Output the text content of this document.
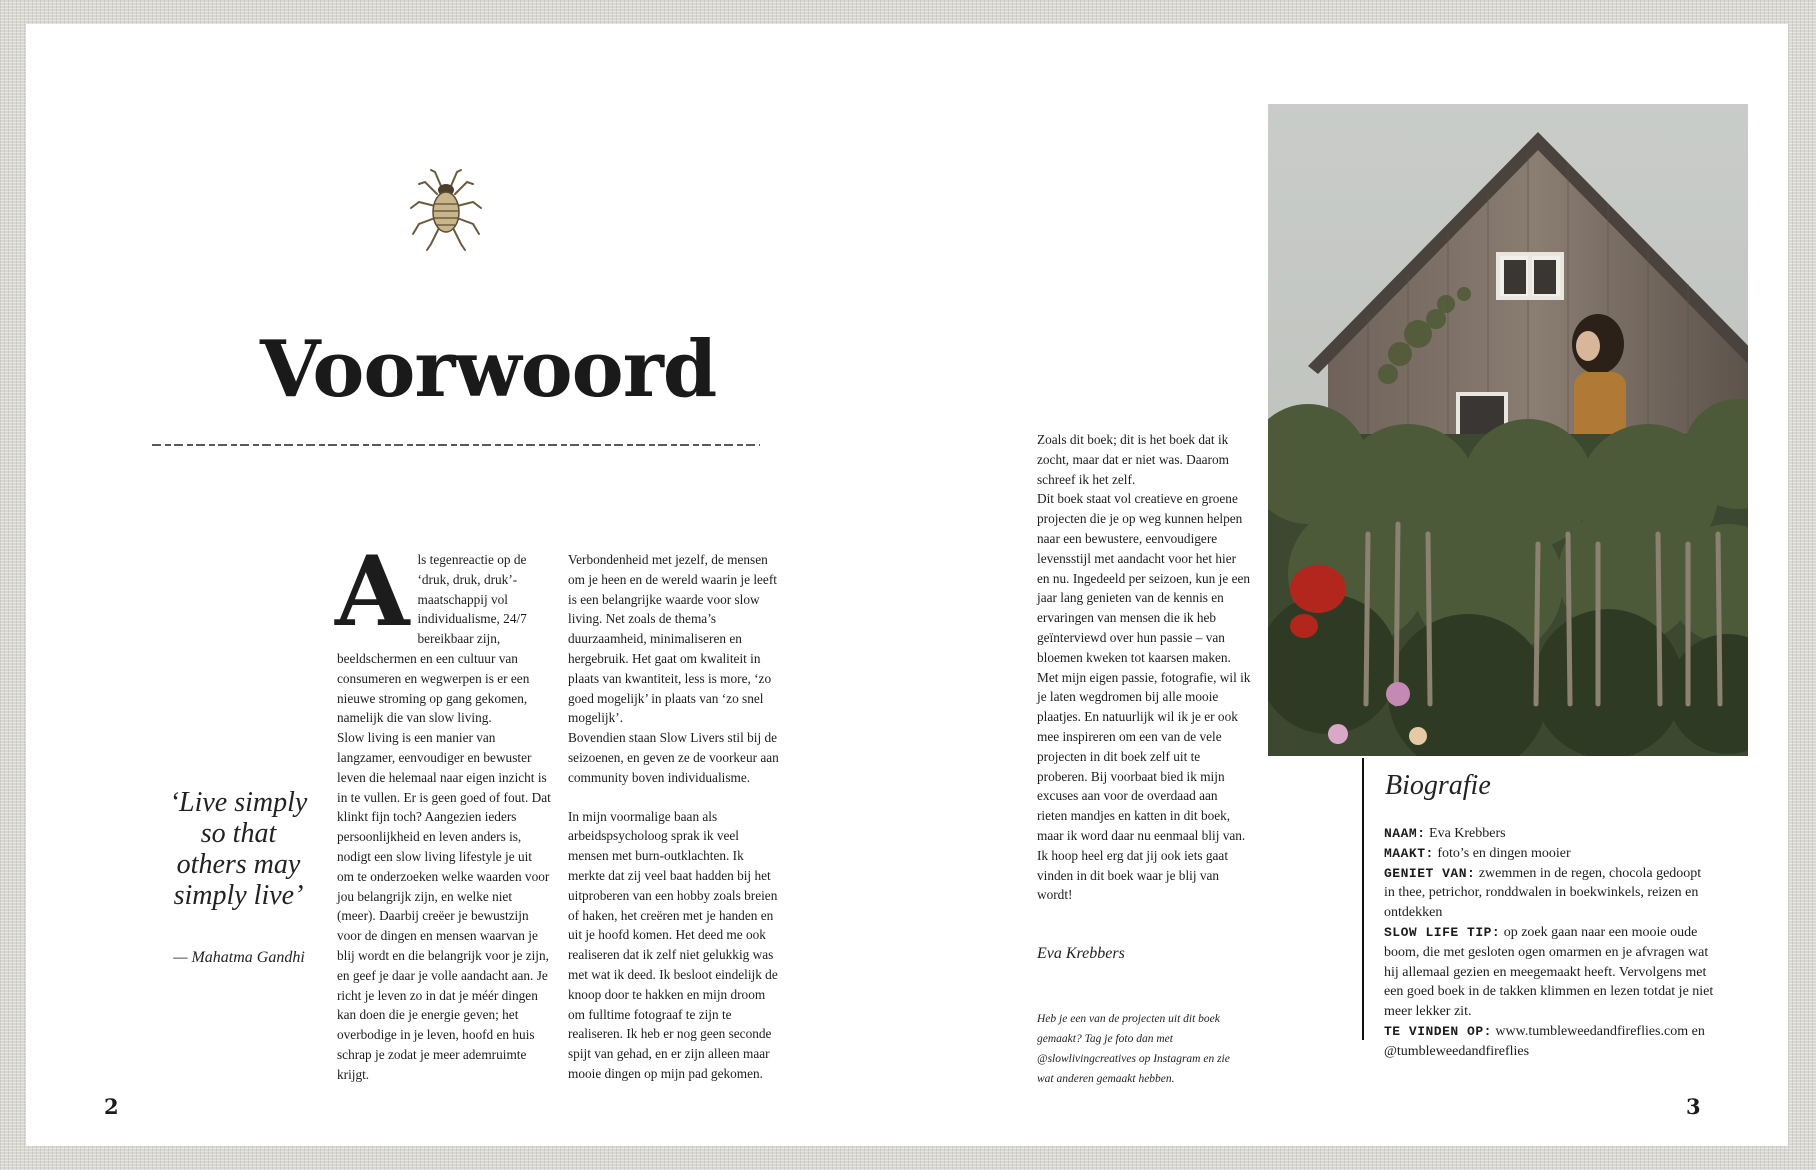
Voorwoord
‘Live simply
so that
others may
simply live’
— Mahatma Gandhi
A ls tegenreactie op de ‘druk, druk, druk’-maatschappij vol individualisme, 24/7 bereikbaar zijn, beeldschermen en een cultuur van consumeren en wegwerpen is er een nieuwe stroming op gang gekomen, namelijk die van slow living.

Slow living is een manier van langzamer, eenvoudiger en bewuster leven die helemaal naar eigen inzicht is in te vullen. Er is geen goed of fout. Dat klinkt fijn toch? Aangezien ieders persoonlijkheid en leven anders is, nodigt een slow living lifestyle je uit om te onderzoeken welke waarden voor jou belangrijk zijn, en welke niet (meer). Daarbij creëer je bewustzijn voor de dingen en mensen waarvan je blij wordt en die belangrijk voor je zijn, en geef je daar je volle aandacht aan. Je richt je leven zo in dat je méér dingen kan doen die je energie geven; het overbodige in je leven, hoofd en huis schrap je zodat je meer ademruimte krijgt.

Verbondenheid met jezelf, de mensen om je heen en de wereld waarin je leeft is een belangrijke waarde voor slow living. Net zoals de thema’s duurzaamheid, minimaliseren en hergebruik. Het gaat om kwaliteit in plaats van kwantiteit, less is more, ‘zo goed mogelijk’ in plaats van ‘zo snel mogelijk’.

Bovendien staan Slow Livers stil bij de seizoenen, en geven ze de voorkeur aan community boven individualisme.

In mijn voormalige baan als arbeidspsycholoog sprak ik veel mensen met burn-outklachten. Ik merkte dat zij veel baat hadden bij het uitproberen van een hobby zoals breien of haken, het creëren met je handen en uit je hoofd komen. Het deed me ook realiseren dat ik zelf niet gelukkig was met wat ik deed. Ik besloot eindelijk de knoop door te hakken en mijn droom om fulltime fotograaf te zijn te realiseren. Ik heb er nog geen seconde spijt van gehad, en er zijn alleen maar mooie dingen op mijn pad gekomen.

Zoals dit boek; dit is het boek dat ik zocht, maar dat er niet was. Daarom schreef ik het zelf.

Dit boek staat vol creatieve en groene projecten die je op weg kunnen helpen naar een bewustere, eenvoudigere levensstijl met aandacht voor het hier en nu. Ingedeeld per seizoen, kun je een jaar lang genieten van de kennis en ervaringen van mensen die ik heb geïnterviewd over hun passie – van bloemen kweken tot kaarsen maken.

Met mijn eigen passie, fotografie, wil ik je laten wegdromen bij alle mooie plaatjes. En natuurlijk wil ik je er ook mee inspireren om een van de vele projecten in dit boek zelf uit te proberen. Bij voorbaat bied ik mijn excuses aan voor de overdaad aan rieten mandjes en katten in dit boek, maar ik word daar nu eenmaal blij van.

Ik hoop heel erg dat jij ook iets gaat vinden in dit boek waar je blij van wordt!

Eva Krebbers
Heb je een van de projecten uit dit boek gemaakt? Tag je foto dan met @slowlivingcreatives op Instagram en zie wat anderen gemaakt hebben.
Biografie
NAAM: Eva Krebbers
MAAKT: foto’s en dingen mooier
GENIET VAN: zwemmen in de regen, chocola gedoopt in thee, petrichor, ronddwalen in boekwinkels, reizen en ontdekken
SLOW LIFE TIP: op zoek gaan naar een mooie oude boom, die met gesloten ogen omarmen en je afvragen wat hij allemaal gezien en meegemaakt heeft. Vervolgens met een goed boek in de takken klimmen en lezen totdat je niet meer lekker zit.
TE VINDEN OP: www.tumbleweedandfireflies.com en @tumbleweedandfireflies
2	3
